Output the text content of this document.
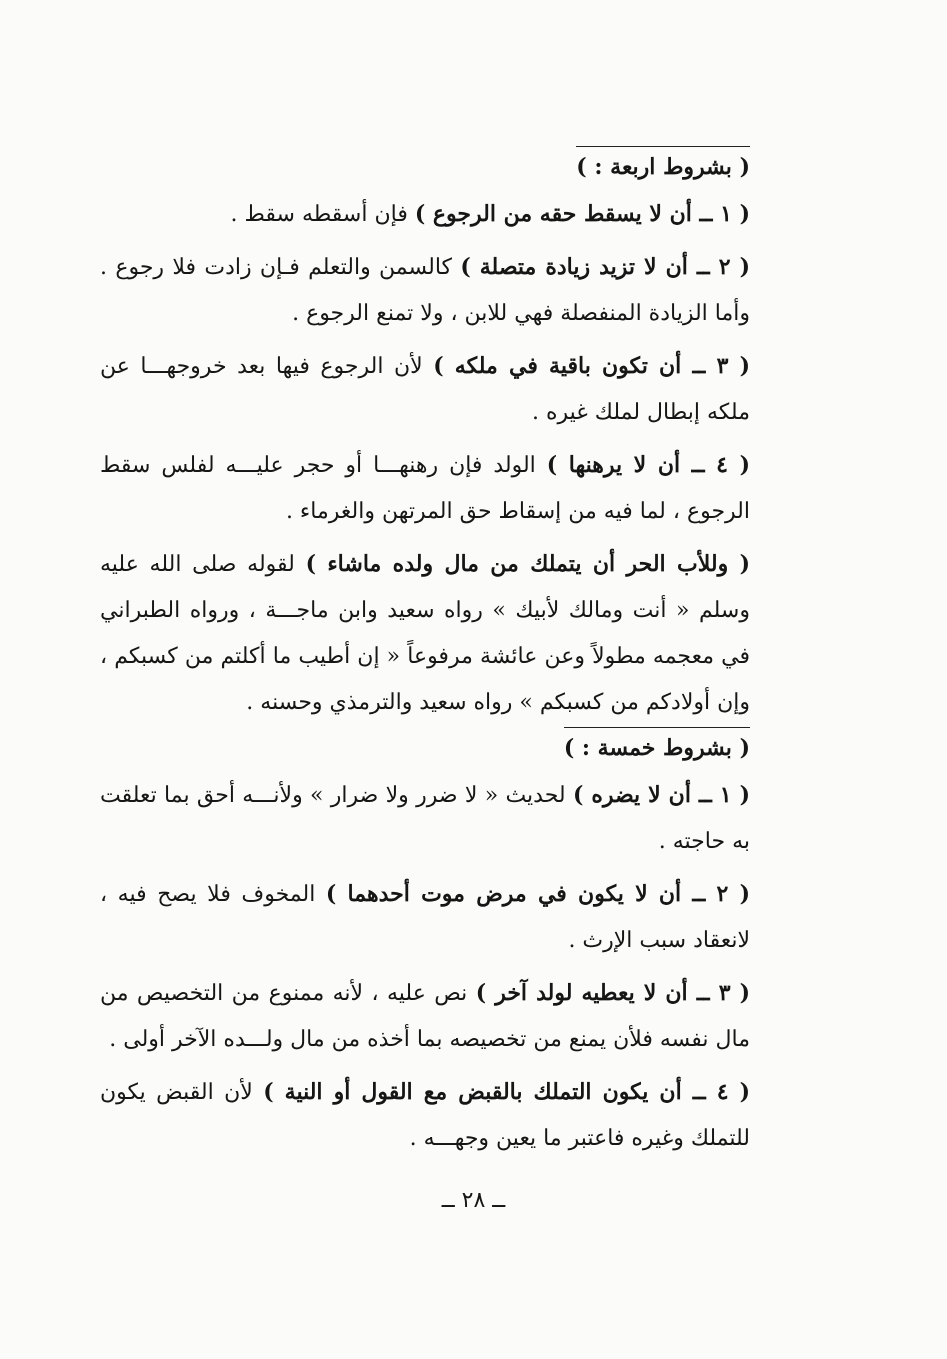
( بشروط اربعة : )

( ١ ــ أن لا يسقط حقه من الرجوع ) فإن أسقطه سقط .

( ٢ ــ أن لا تزيد زيادة متصلة ) كالسمن والتعلم فـإن زادت فلا رجوع . وأما الزيادة المنفصلة فهي للابن ، ولا تمنع الرجوع .

( ٣ ــ أن تكون باقية في ملكه ) لأن الرجوع فيها بعد خروجهـــا عن ملكه إبطال لملك غيره .

( ٤ ــ أن لا يرهنها ) الولد فإن رهنهـــا أو حجر عليـــه لفلس سقط الرجوع ، لما فيه من إسقاط حق المرتهن والغرماء .

( وللأب الحر أن يتملك من مال ولده ماشاء ) لقوله صلى الله عليه وسلم « أنت ومالك لأبيك » رواه سعيد وابن ماجـــة ، ورواه الطبراني في معجمه مطولاً وعن عائشة مرفوعاً « إن أطيب ما أكلتم من كسبكم ، وإن أولادكم من كسبكم » رواه سعيد والترمذي وحسنه .

( بشروط خمسة : )

( ١ ــ أن لا يضره ) لحديث « لا ضرر ولا ضرار » ولأنـــه أحق بما تعلقت به حاجته .

( ٢ ــ أن لا يكون في مرض موت أحدهما ) المخوف فلا يصح فيه ، لانعقاد سبب الإرث .

( ٣ ــ أن لا يعطيه لولد آخر ) نص عليه ، لأنه ممنوع من التخصيص من مال نفسه فلأن يمنع من تخصيصه بما أخذه من مال ولـــده الآخر أولى .

( ٤ ــ أن يكون التملك بالقبض مع القول أو النية ) لأن القبض يكون للتملك وغيره فاعتبر ما يعين وجهـــه .

ــ ٢٨ ــ
